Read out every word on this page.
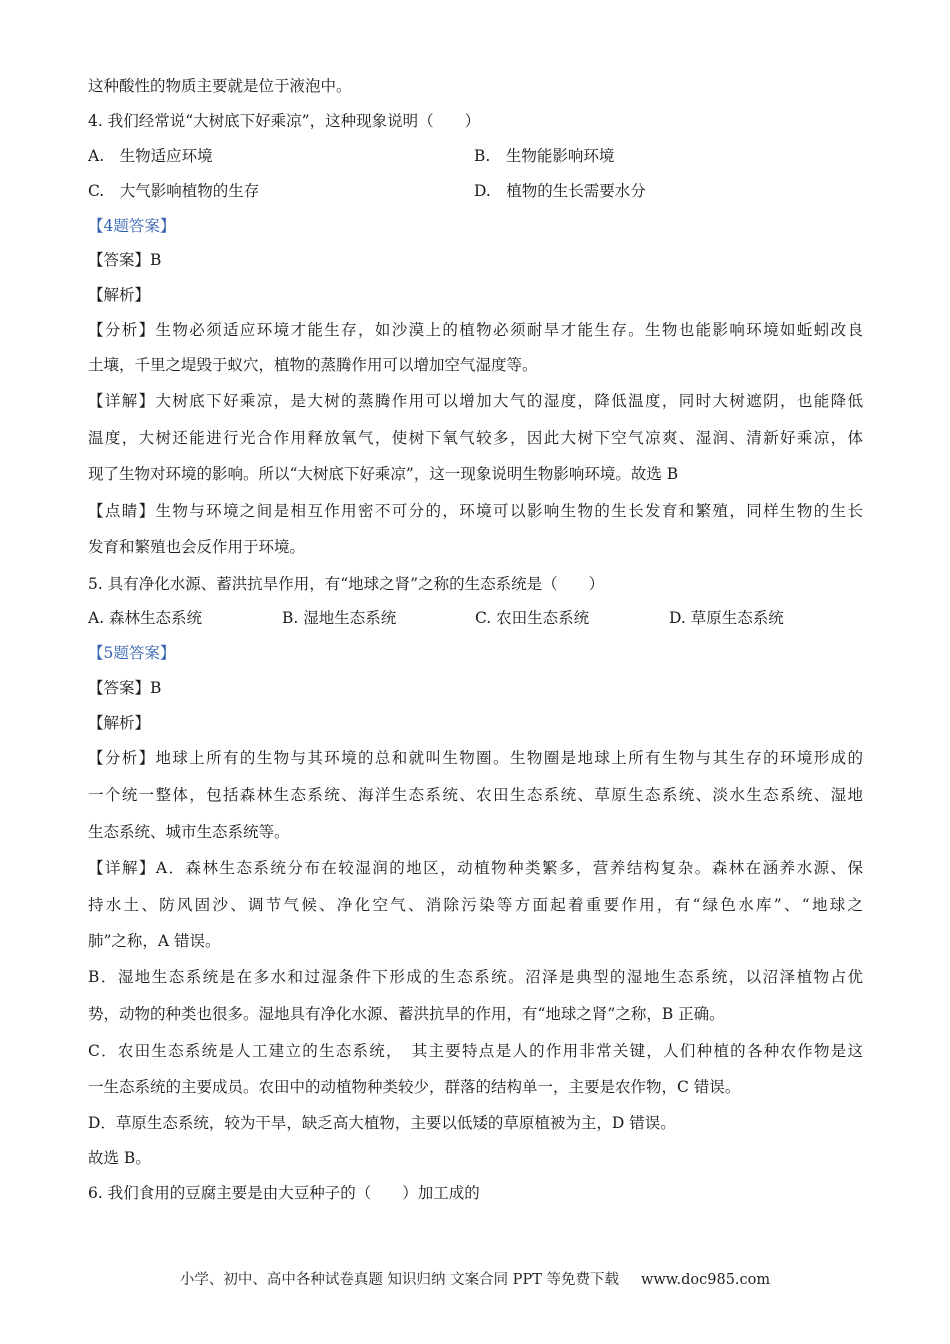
这种酸性的物质主要就是位于液泡中。
4. 我们经常说“大树底下好乘凉”，这种现象说明（　　）
A.　生物适应环境	B.　生物能影响环境
C.　大气影响植物的生存	D.　植物的生长需要水分
【4题答案】
【答案】B
【解析】
【分析】生物必须适应环境才能生存，如沙漠上的植物必须耐旱才能生存。生物也能影响环境如蚯蚓改良
土壤，千里之堤毁于蚁穴，植物的蒸腾作用可以增加空气湿度等。
【详解】大树底下好乘凉，是大树的蒸腾作用可以增加大气的湿度，降低温度，同时大树遮阴，也能降低
温度，大树还能进行光合作用释放氧气，使树下氧气较多，因此大树下空气凉爽、湿润、清新好乘凉，体
现了生物对环境的影响。所以“大树底下好乘凉”，这一现象说明生物影响环境。故选 B
【点睛】生物与环境之间是相互作用密不可分的，环境可以影响生物的生长发育和繁殖，同样生物的生长
发育和繁殖也会反作用于环境。
5. 具有净化水源、蓄洪抗旱作用，有“地球之肾”之称的生态系统是（　　）
A. 森林生态系统	B. 湿地生态系统	C. 农田生态系统	D. 草原生态系统
【5题答案】
【答案】B
【解析】
【分析】地球上所有的生物与其环境的总和就叫生物圈。生物圈是地球上所有生物与其生存的环境形成的
一个统一整体，包括森林生态系统、海洋生态系统、农田生态系统、草原生态系统、淡水生态系统、湿地
生态系统、城市生态系统等。
【详解】A．森林生态系统分布在较湿润的地区，动植物种类繁多，营养结构复杂。森林在涵养水源、保
持水土、防风固沙、调节气候、净化空气、消除污染等方面起着重要作用，有“绿色水库”、“地球之
肺”之称，A 错误。
B．湿地生态系统是在多水和过湿条件下形成的生态系统。沼泽是典型的湿地生态系统，以沼泽植物占优
势，动物的种类也很多。湿地具有净化水源、蓄洪抗旱的作用，有“地球之肾”之称，B 正确。
C．农田生态系统是人工建立的生态系统，　其主要特点是人的作用非常关键，人们种植的各种农作物是这
一生态系统的主要成员。农田中的动植物种类较少，群落的结构单一，主要是农作物，C 错误。
D．草原生态系统，较为干旱，缺乏高大植物，主要以低矮的草原植被为主，D 错误。
故选 B。
6. 我们食用的豆腐主要是由大豆种子的（　　）加工成的
小学、初中、高中各种试卷真题 知识归纳 文案合同 PPT 等免费下载 www.doc985.com
